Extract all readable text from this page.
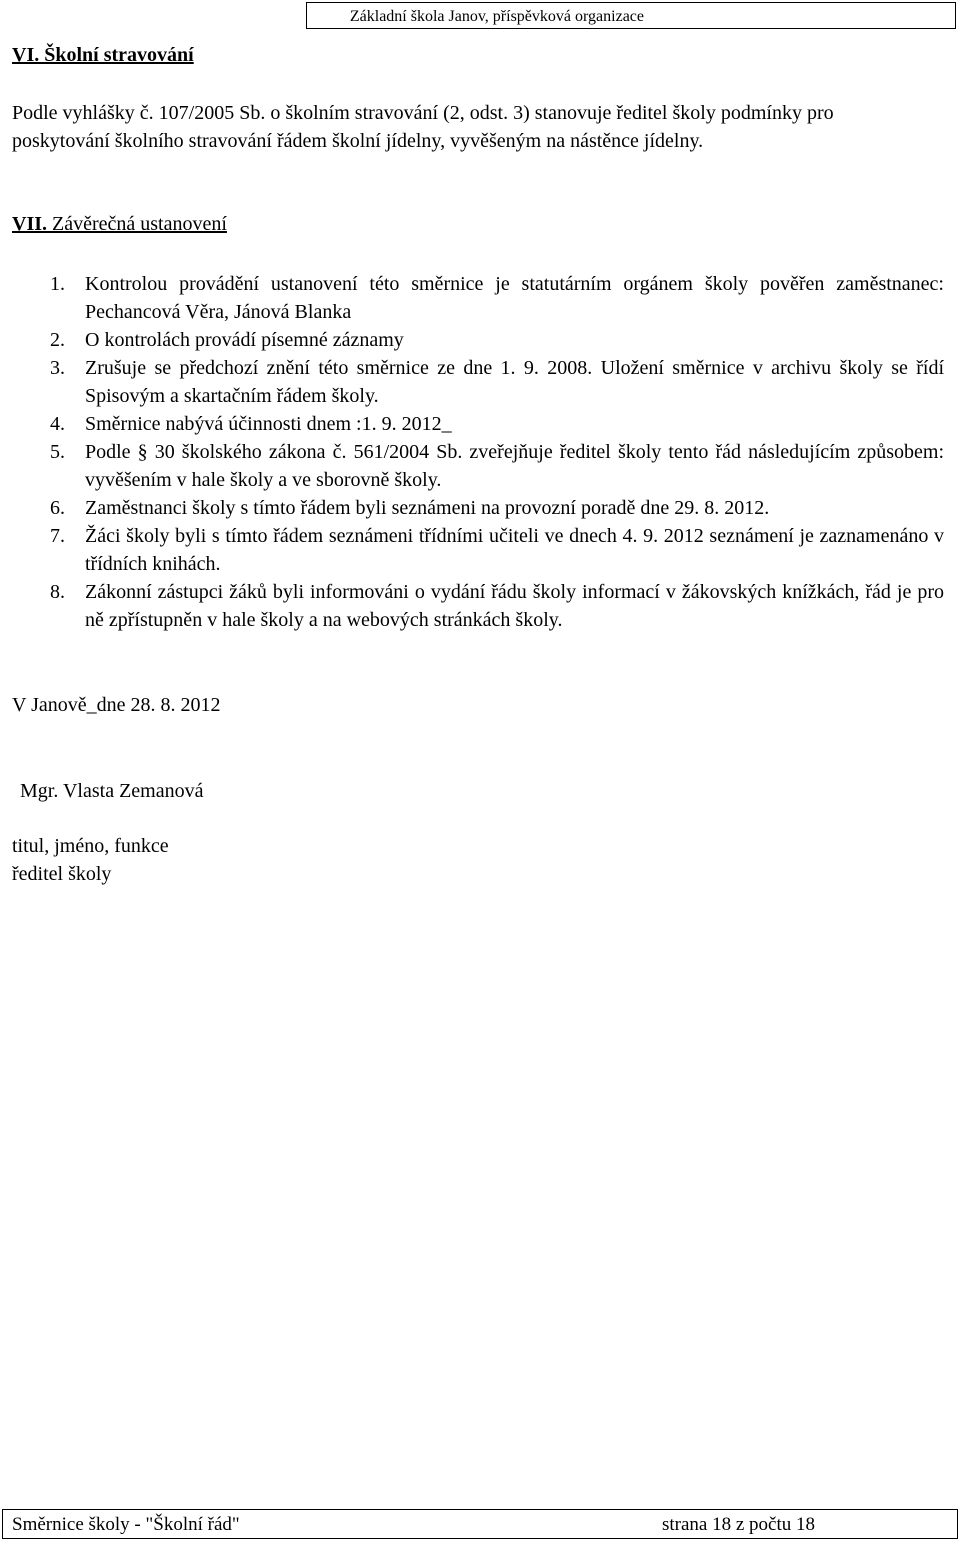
Základní škola Janov, příspěvková organizace
VI. Školní stravování
Podle vyhlášky č. 107/2005 Sb. o školním stravování (2, odst. 3) stanovuje ředitel školy podmínky pro poskytování školního stravování řádem školní jídelny, vyvěšeným na nástěnce jídelny.
VII. Závěrečná ustanovení
1. Kontrolou provádění ustanovení této směrnice je statutárním orgánem školy pověřen zaměstnanec: Pechancová Věra, Jánová Blanka
2. O kontrolách provádí písemné záznamy
3. Zrušuje se předchozí znění této směrnice ze dne 1. 9. 2008. Uložení směrnice v archivu školy se řídí Spisovým a skartačním řádem školy.
4. Směrnice nabývá účinnosti dnem :1. 9. 2012_
5. Podle § 30 školského zákona č. 561/2004 Sb. zveřejňuje ředitel školy tento řád následujícím způsobem: vyvěšením v hale školy a ve sborovně školy.
6. Zaměstnanci školy s tímto řádem byli seznámeni na provozní poradě dne 29. 8. 2012.
7. Žáci školy byli s tímto řádem seznámeni třídními učiteli ve dnech 4. 9. 2012 seznámení je zaznamenáno v třídních knihách.
8. Zákonní zástupci žáků byli informováni o vydání řádu školy informací v žákovských knížkách, řád je pro ně zpřístupněn v hale školy a na webových stránkách školy.
V Janově_dne 28. 8. 2012
Mgr. Vlasta Zemanová
titul, jméno, funkce
ředitel školy
Směrnice školy - "Školní řád"	strana 18 z počtu 18
